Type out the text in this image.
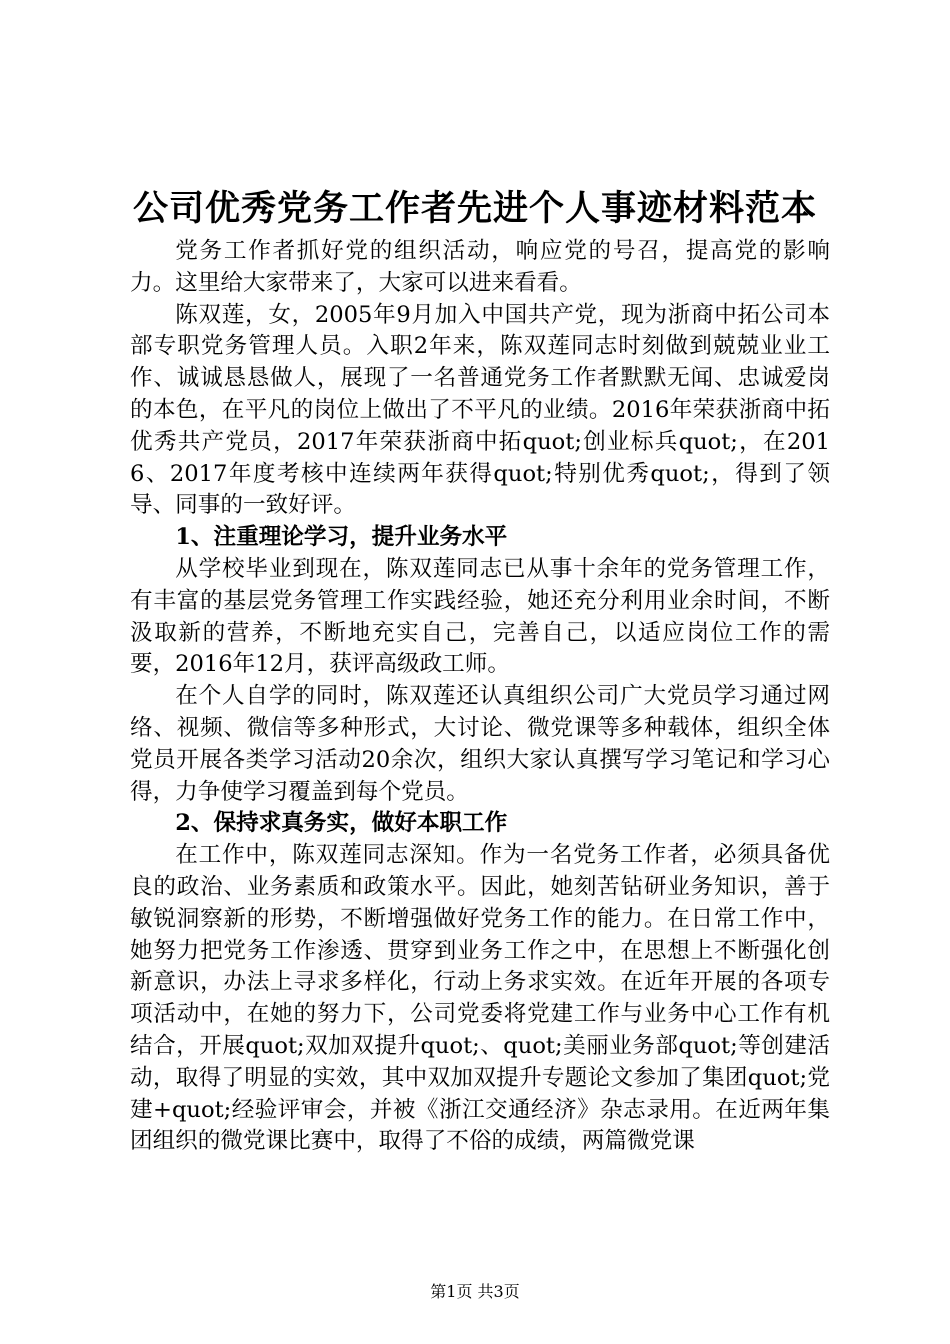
公司优秀党务工作者先进个人事迹材料范本

党务工作者抓好党的组织活动，响应党的号召，提高党的影响力。这里给大家带来了，大家可以进来看看。

陈双莲，女，2005年9月加入中国共产党，现为浙商中拓公司本部专职党务管理人员。入职2年来，陈双莲同志时刻做到兢兢业业工作、诚诚恳恳做人，展现了一名普通党务工作者默默无闻、忠诚爱岗的本色，在平凡的岗位上做出了不平凡的业绩。2016年荣获浙商中拓优秀共产党员，2017年荣获浙商中拓quot;创业标兵quot;，在2016、2017年度考核中连续两年获得quot;特别优秀quot;，得到了领导、同事的一致好评。

1、注重理论学习，提升业务水平

从学校毕业到现在，陈双莲同志已从事十余年的党务管理工作，有丰富的基层党务管理工作实践经验，她还充分利用业余时间，不断汲取新的营养，不断地充实自己，完善自己，以适应岗位工作的需要，2016年12月，获评高级政工师。

在个人自学的同时，陈双莲还认真组织公司广大党员学习通过网络、视频、微信等多种形式，大讨论、微党课等多种载体，组织全体党员开展各类学习活动20余次，组织大家认真撰写学习笔记和学习心得，力争使学习覆盖到每个党员。

2、保持求真务实，做好本职工作

在工作中，陈双莲同志深知。作为一名党务工作者，必须具备优良的政治、业务素质和政策水平。因此，她刻苦钻研业务知识，善于敏锐洞察新的形势，不断增强做好党务工作的能力。在日常工作中，她努力把党务工作渗透、贯穿到业务工作之中，在思想上不断强化创新意识，办法上寻求多样化，行动上务求实效。在近年开展的各项专项活动中，在她的努力下，公司党委将党建工作与业务中心工作有机结合，开展quot;双加双提升quot;、quot;美丽业务部quot;等创建活动，取得了明显的实效，其中双加双提升专题论文参加了集团quot;党建+quot;经验评审会，并被《浙江交通经济》杂志录用。在近两年集团组织的微党课比赛中，取得了不俗的成绩，两篇微党课

第1页 共3页
